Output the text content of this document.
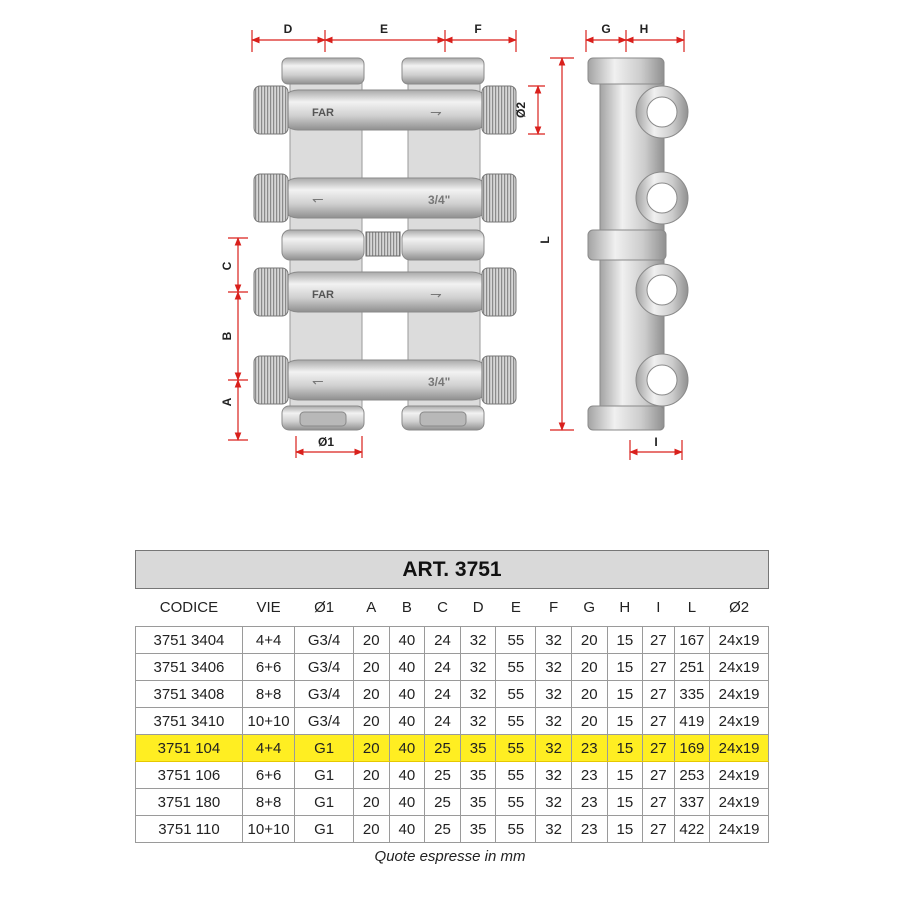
FAR	⇁
↽	3/4"
FAR	⇁
↽	3/4"
D	E	F	G H
Ø2
L
C
B
A
Ø1	I
ART. 3751													
CODICE	VIE	Ø1	A	B	C	D	E	F	G	H	I	L	Ø2
3751 3404	4+4	G3/4	20	40	24	32	55	32	20	15	27	167	24x19
3751 3406	6+6	G3/4	20	40	24	32	55	32	20	15	27	251	24x19
3751 3408	8+8	G3/4	20	40	24	32	55	32	20	15	27	335	24x19
3751 3410	10+10	G3/4	20	40	24	32	55	32	20	15	27	419	24x19
3751 104	4+4	G1	20	40	25	35	55	32	23	15	27	169	24x19
3751 106	6+6	G1	20	40	25	35	55	32	23	15	27	253	24x19
3751 180	8+8	G1	20	40	25	35	55	32	23	15	27	337	24x19
3751 110	10+10	G1	20	40	25	35	55	32	23	15	27	422	24x19
Quote espresse in mm
